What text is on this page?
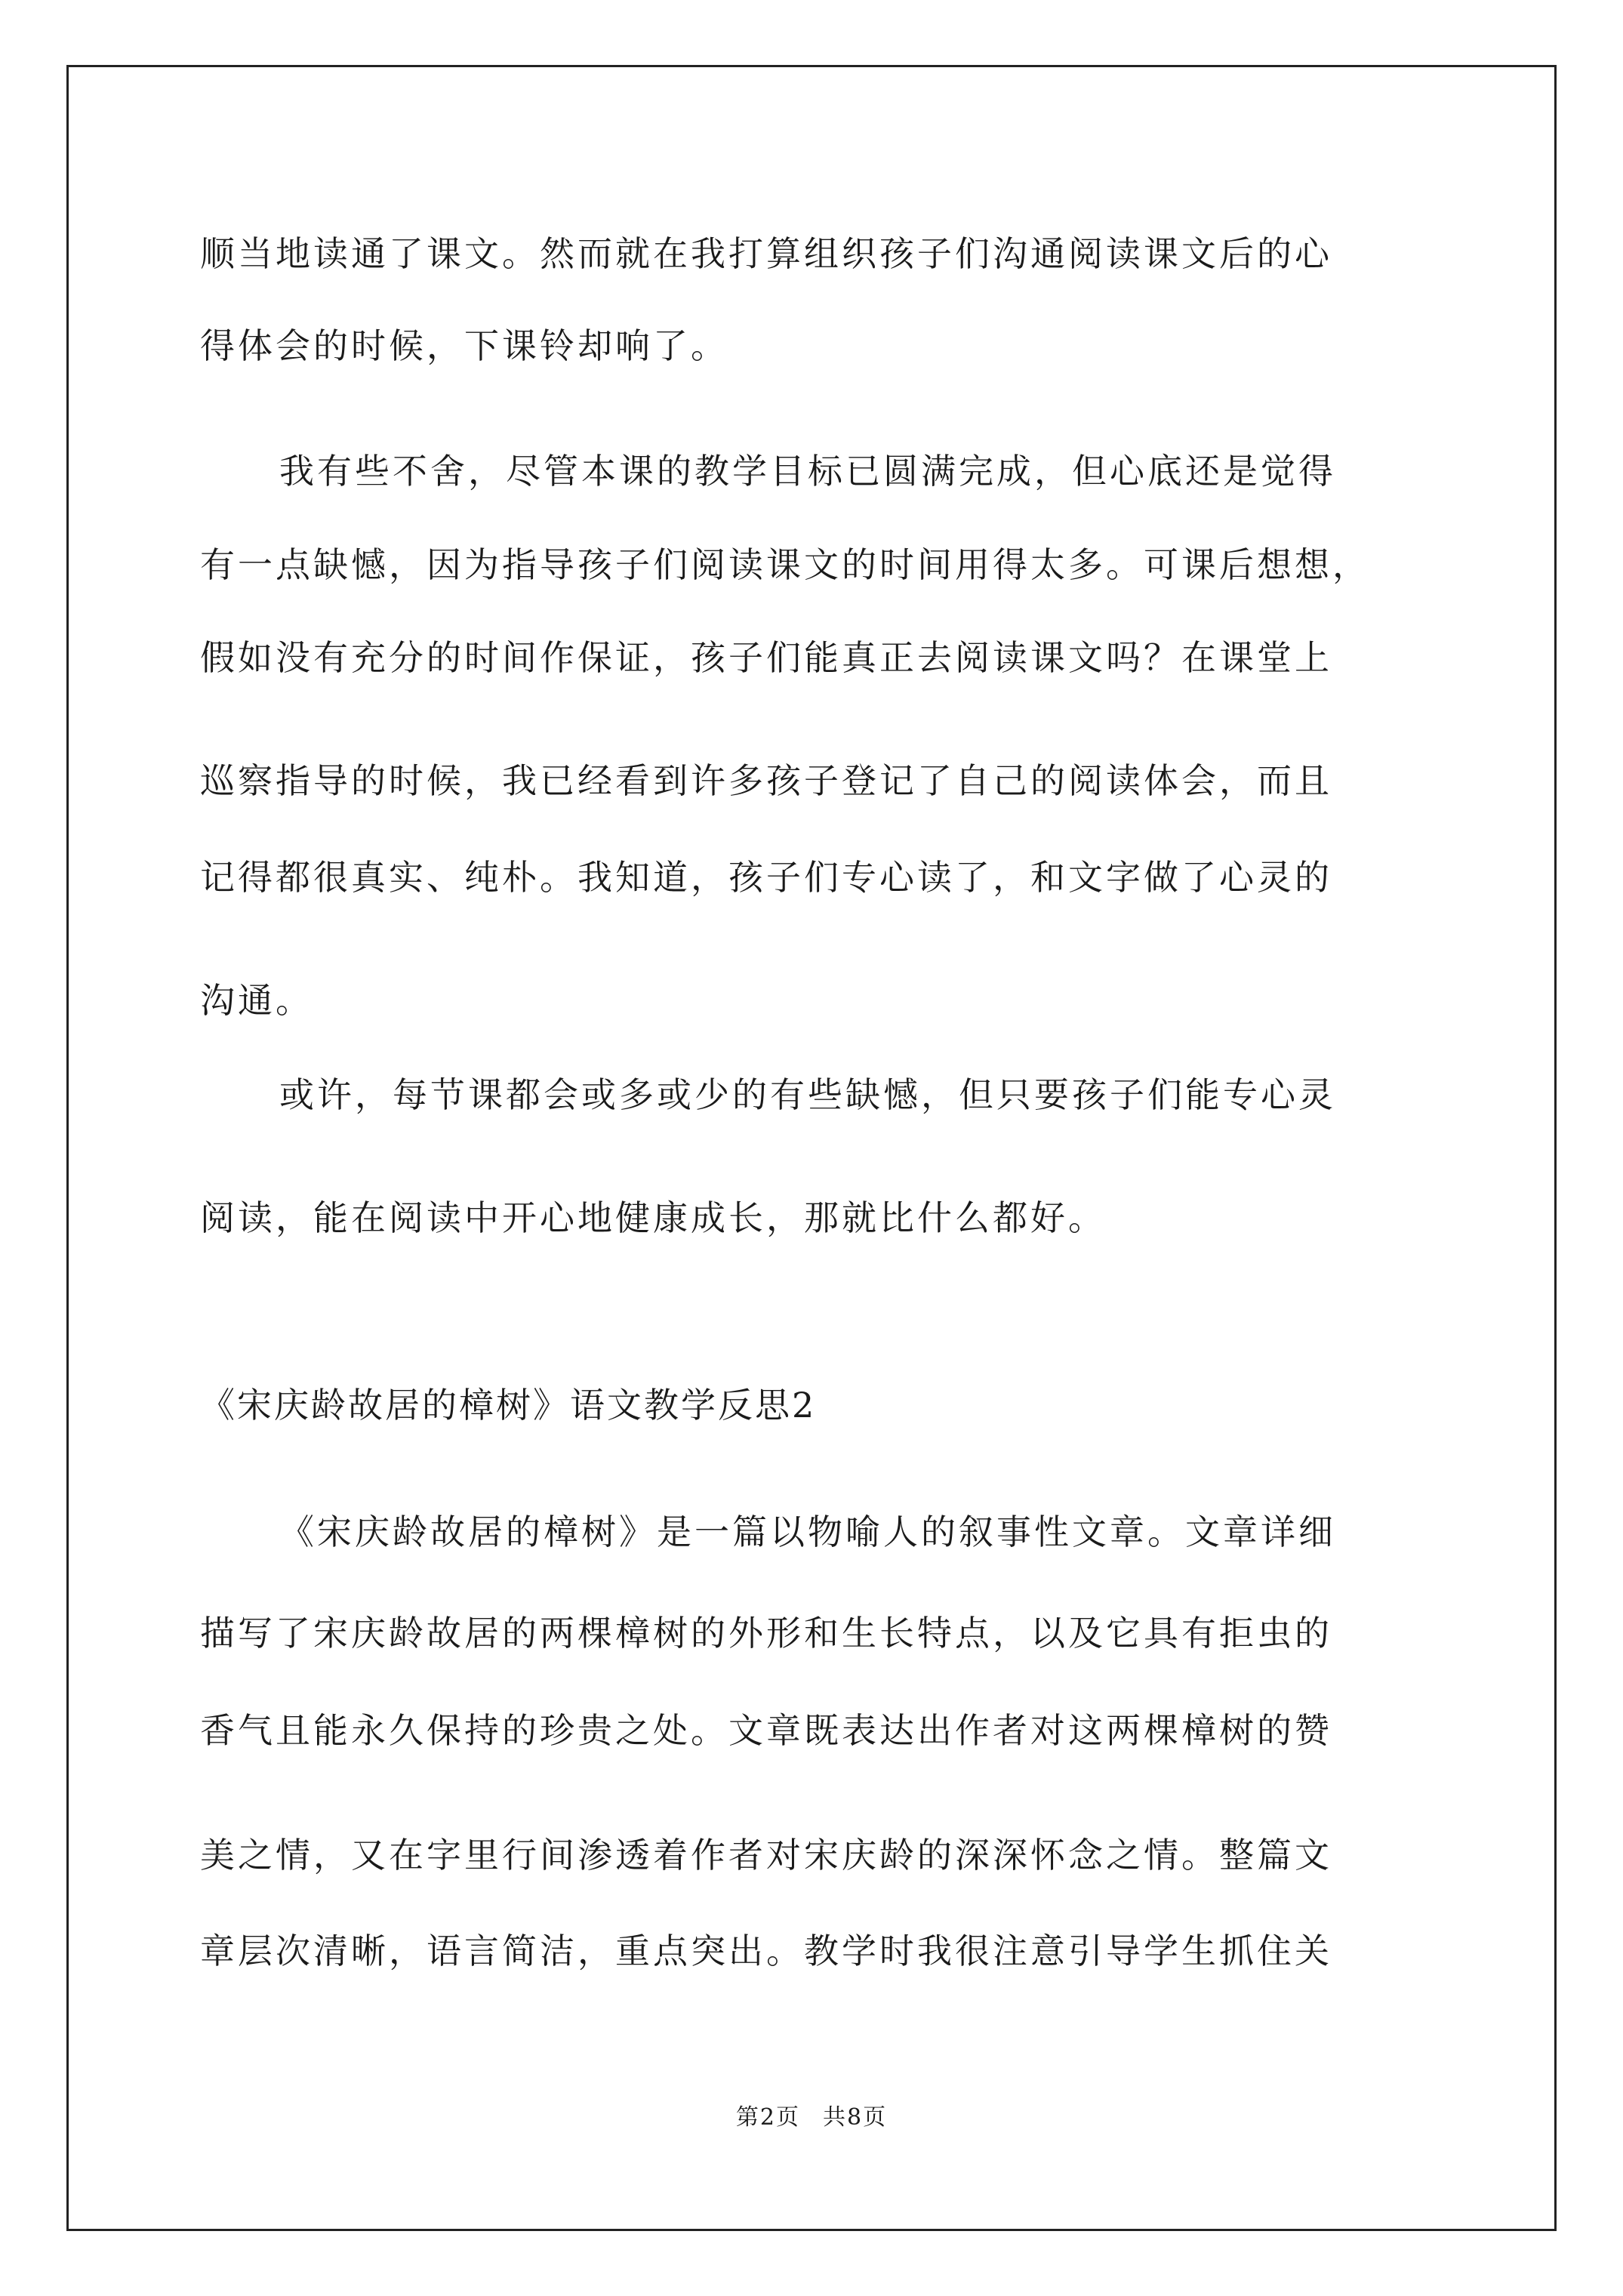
顺当地读通了课文。然而就在我打算组织孩子们沟通阅读课文后的心
得体会的时候，下课铃却响了。
我有些不舍，尽管本课的教学目标已圆满完成，但心底还是觉得
有一点缺憾，因为指导孩子们阅读课文的时间用得太多。可课后想想，
假如没有充分的时间作保证，孩子们能真正去阅读课文吗？在课堂上
巡察指导的时候，我已经看到许多孩子登记了自己的阅读体会，而且
记得都很真实、纯朴。我知道，孩子们专心读了，和文字做了心灵的
沟通。
或许，每节课都会或多或少的有些缺憾，但只要孩子们能专心灵
阅读，能在阅读中开心地健康成长，那就比什么都好。
《宋庆龄故居的樟树》语文教学反思2
《宋庆龄故居的樟树》是一篇以物喻人的叙事性文章。文章详细
描写了宋庆龄故居的两棵樟树的外形和生长特点，以及它具有拒虫的
香气且能永久保持的珍贵之处。文章既表达出作者对这两棵樟树的赞
美之情，又在字里行间渗透着作者对宋庆龄的深深怀念之情。整篇文
章层次清晰，语言简洁，重点突出。教学时我很注意引导学生抓住关
第2页 共8页
